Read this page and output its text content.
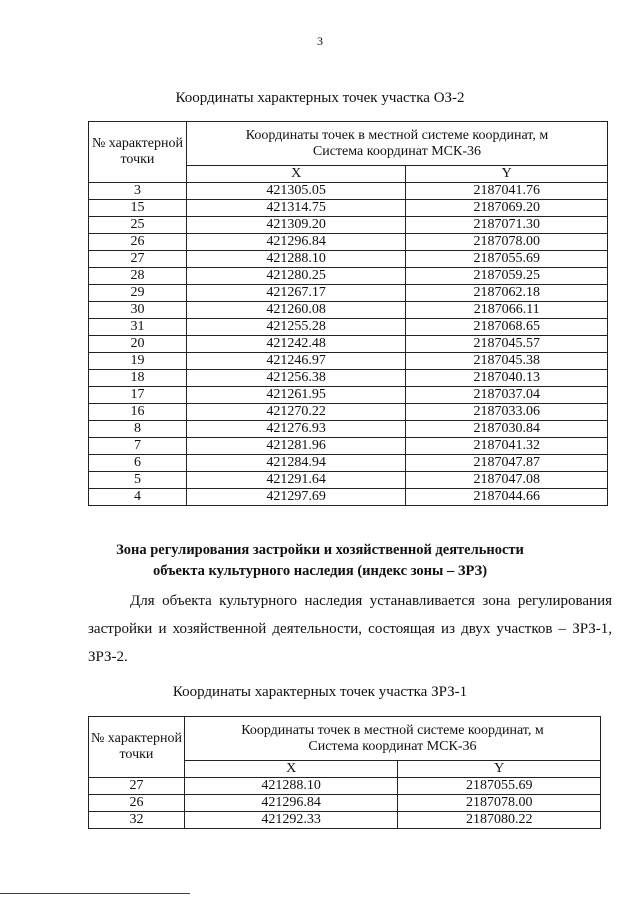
3
Координаты характерных точек участка ОЗ-2
№ характерной точки	Координаты точек в местной системе координат, м
Система координат МСК-36	

	X	Y
3	421305.05	2187041.76
15	421314.75	2187069.20
25	421309.20	2187071.30
26	421296.84	2187078.00
27	421288.10	2187055.69
28	421280.25	2187059.25
29	421267.17	2187062.18
30	421260.08	2187066.11
31	421255.28	2187068.65
20	421242.48	2187045.57
19	421246.97	2187045.38
18	421256.38	2187040.13
17	421261.95	2187037.04
16	421270.22	2187033.06
8	421276.93	2187030.84
7	421281.96	2187041.32
6	421284.94	2187047.87
5	421291.64	2187047.08
4	421297.69	2187044.66
Зона регулирования застройки и хозяйственной деятельности
объекта культурного наследия (индекс зоны – ЗРЗ)
Для объекта культурного наследия устанавливается зона регулирования застройки и хозяйственной деятельности, состоящая из двух участков – ЗРЗ-1, ЗРЗ-2.
Координаты характерных точек участка ЗРЗ-1
№ характерной точки	Координаты точек в местной системе координат, м
Система координат МСК-36	

	X	Y
27	421288.10	2187055.69
26	421296.84	2187078.00
32	421292.33	2187080.22
